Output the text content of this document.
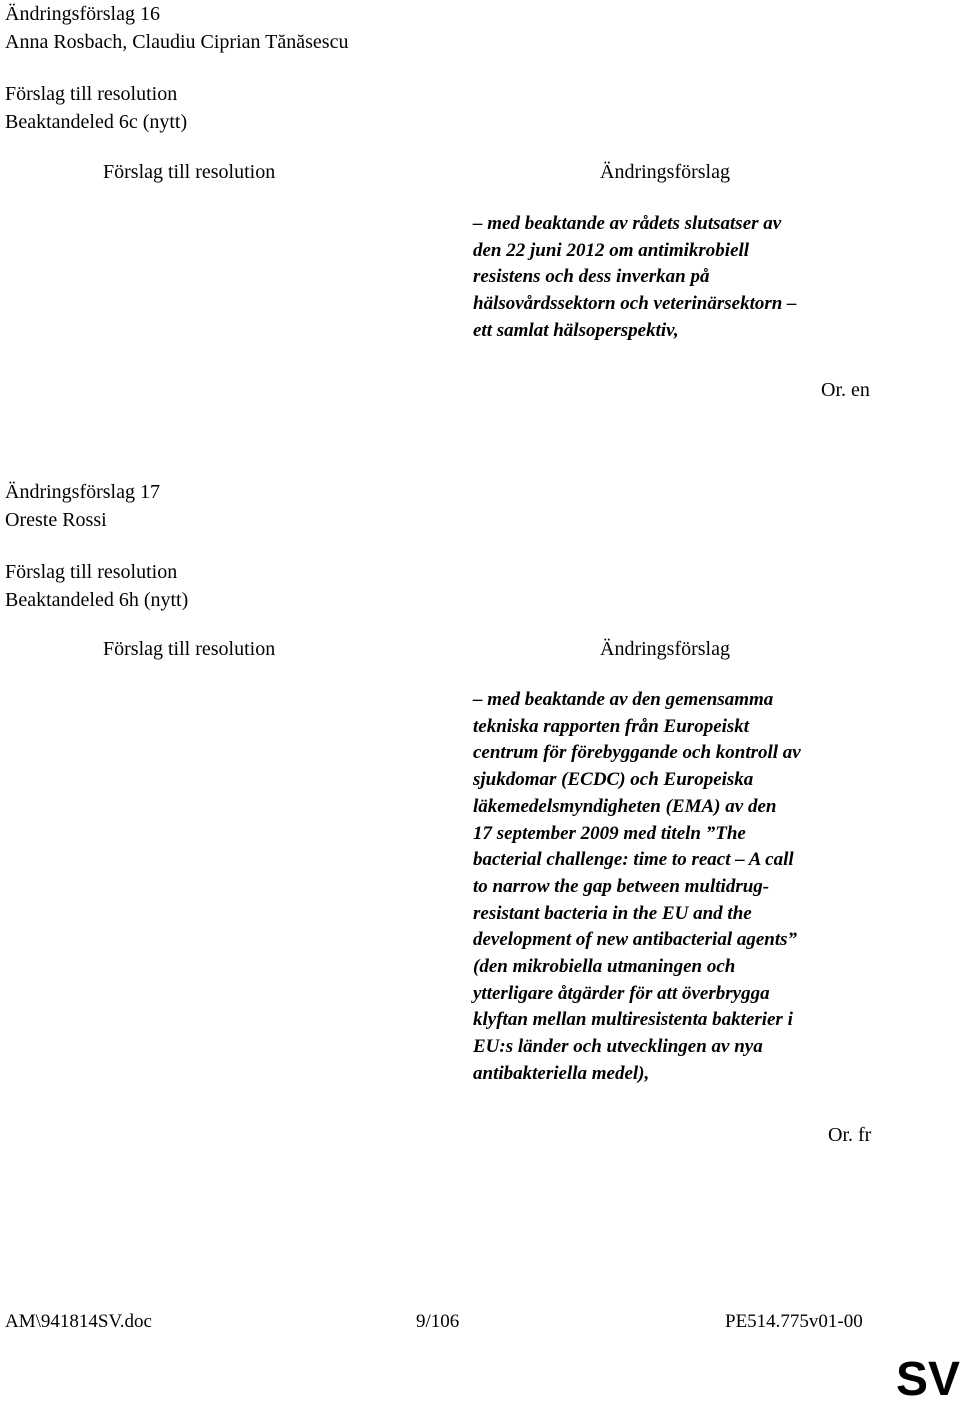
Ändringsförslag 16
Anna Rosbach, Claudiu Ciprian Tănăsescu
Förslag till resolution
Beaktandeled 6c (nytt)
Förslag till resolution	Ändringsförslag
– med beaktande av rådets slutsatser av
den 22 juni 2012 om antimikrobiell
resistens och dess inverkan på
hälsovårdssektorn och veterinärsektorn –
ett samlat hälsoperspektiv,
Or. en
Ändringsförslag 17
Oreste Rossi
Förslag till resolution
Beaktandeled 6h (nytt)
Förslag till resolution	Ändringsförslag
– med beaktande av den gemensamma
tekniska rapporten från Europeiskt
centrum för förebyggande och kontroll av
sjukdomar (ECDC) och Europeiska
läkemedelsmyndigheten (EMA) av den
17 september 2009 med titeln ”The
bacterial challenge: time to react – A call
to narrow the gap between multidrug-
resistant bacteria in the EU and the
development of new antibacterial agents”
(den mikrobiella utmaningen och
ytterligare åtgärder för att överbrygga
klyftan mellan multiresistenta bakterier i
EU:s länder och utvecklingen av nya
antibakteriella medel),
Or. fr
AM\941814SV.doc	9/106	PE514.775v01-00
SV
